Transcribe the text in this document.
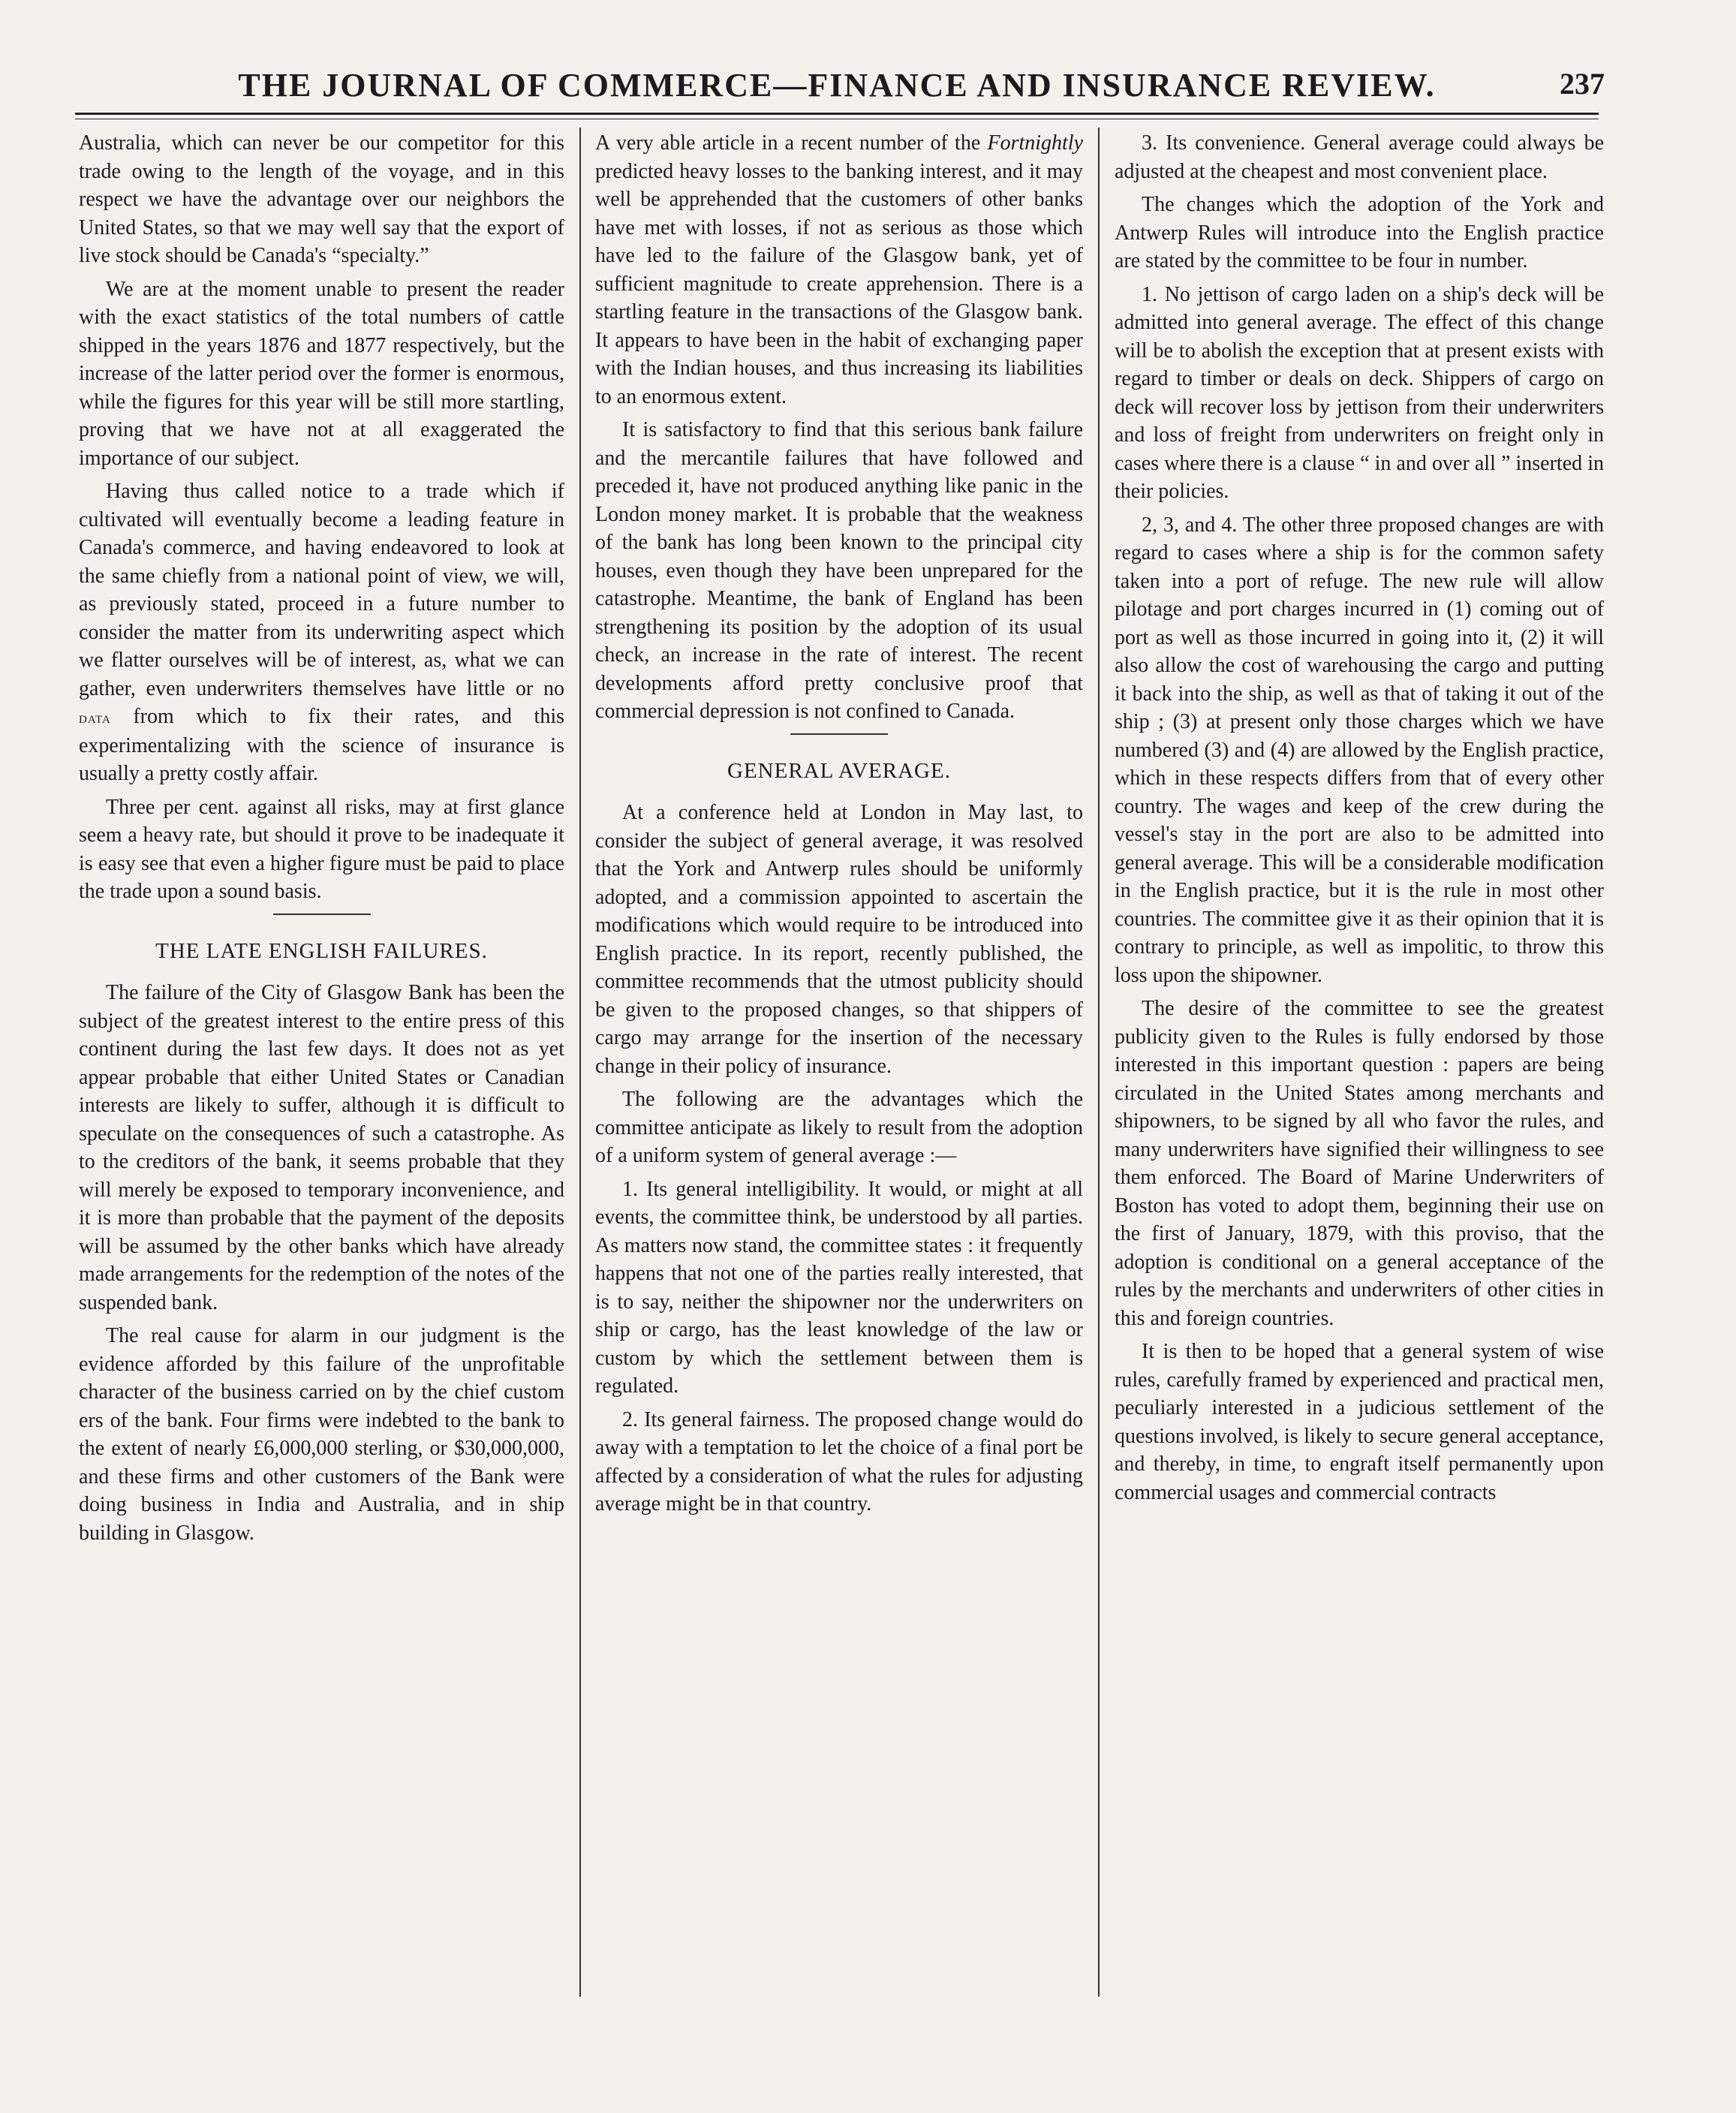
THE JOURNAL OF COMMERCE—FINANCE AND INSURANCE REVIEW.	237

Australia, which can never be our competitor for this trade owing to the length of the voyage, and in this respect we have the advantage over our neighbors the United States, so that we may well say that the export of live stock should be Canada's “specialty.”

We are at the moment unable to present the reader with the exact statistics of the total numbers of cattle shipped in the years 1876 and 1877 respectively, but the increase of the latter period over the former is enormous, while the figures for this year will be still more startling, proving that we have not at all exaggerated the importance of our subject.

Having thus called notice to a trade which if cultivated will eventually become a leading feature in Canada's commerce, and having endeavored to look at the same chiefly from a national point of view, we will, as previously stated, proceed in a future number to consider the matter from its underwriting aspect which we flatter ourselves will be of interest, as, what we can gather, even underwriters themselves have little or no data from which to fix their rates, and this experimentalizing with the science of insurance is usually a pretty costly affair.

Three per cent. against all risks, may at first glance seem a heavy rate, but should it prove to be inadequate it is easy see that even a higher figure must be paid to place the trade upon a sound basis.

THE LATE ENGLISH FAILURES.

The failure of the City of Glasgow Bank has been the subject of the greatest interest to the entire press of this continent during the last few days. It does not as yet appear probable that either United States or Canadian interests are likely to suffer, although it is difficult to speculate on the consequences of such a catastrophe. As to the creditors of the bank, it seems probable that they will merely be exposed to temporary inconvenience, and it is more than probable that the payment of the deposits will be assumed by the other banks which have already made arrangements for the redemption of the notes of the suspended bank.

The real cause for alarm in our judgment is the evidence afforded by this failure of the unprofitable character of the business carried on by the chief custom ers of the bank. Four firms were indebted to the bank to the extent of nearly £6,000,000 sterling, or $30,000,000, and these firms and other customers of the Bank were doing business in India and Australia, and in ship building in Glasgow.

A very able article in a recent number of the Fortnightly predicted heavy losses to the banking interest, and it may well be apprehended that the customers of other banks have met with losses, if not as serious as those which have led to the failure of the Glasgow bank, yet of sufficient magnitude to create apprehension. There is a startling feature in the transactions of the Glasgow bank. It appears to have been in the habit of exchanging paper with the Indian houses, and thus increasing its liabilities to an enormous extent.

It is satisfactory to find that this serious bank failure and the mercantile failures that have followed and preceded it, have not produced anything like panic in the London money market. It is probable that the weakness of the bank has long been known to the principal city houses, even though they have been unprepared for the catastrophe. Meantime, the bank of England has been strengthening its position by the adoption of its usual check, an increase in the rate of interest. The recent developments afford pretty conclusive proof that commercial depression is not confined to Canada.

GENERAL AVERAGE.

At a conference held at London in May last, to consider the subject of general average, it was resolved that the York and Antwerp rules should be uniformly adopted, and a commission appointed to ascertain the modifications which would require to be introduced into English practice. In its report, recently published, the committee recommends that the utmost publicity should be given to the proposed changes, so that shippers of cargo may arrange for the insertion of the necessary change in their policy of insurance.

The following are the advantages which the committee anticipate as likely to result from the adoption of a uniform system of general average :—

1. Its general intelligibility. It would, or might at all events, the committee think, be understood by all parties. As matters now stand, the committee states : it frequently happens that not one of the parties really interested, that is to say, neither the shipowner nor the underwriters on ship or cargo, has the least knowledge of the law or custom by which the settlement between them is regulated.

2. Its general fairness. The proposed change would do away with a temptation to let the choice of a final port be affected by a consideration of what the rules for adjusting average might be in that country.

3. Its convenience. General average could always be adjusted at the cheapest and most convenient place.

The changes which the adoption of the York and Antwerp Rules will introduce into the English practice are stated by the committee to be four in number.

1. No jettison of cargo laden on a ship's deck will be admitted into general average. The effect of this change will be to abolish the exception that at present exists with regard to timber or deals on deck. Shippers of cargo on deck will recover loss by jettison from their underwriters and loss of freight from underwriters on freight only in cases where there is a clause “ in and over all ” inserted in their policies.

2, 3, and 4. The other three proposed changes are with regard to cases where a ship is for the common safety taken into a port of refuge. The new rule will allow pilotage and port charges incurred in (1) coming out of port as well as those incurred in going into it, (2) it will also allow the cost of warehousing the cargo and putting it back into the ship, as well as that of taking it out of the ship ; (3) at present only those charges which we have numbered (3) and (4) are allowed by the English practice, which in these respects differs from that of every other country. The wages and keep of the crew during the vessel's stay in the port are also to be admitted into general average. This will be a considerable modification in the English practice, but it is the rule in most other countries. The committee give it as their opinion that it is contrary to principle, as well as impolitic, to throw this loss upon the shipowner.

The desire of the committee to see the greatest publicity given to the Rules is fully endorsed by those interested in this important question : papers are being circulated in the United States among merchants and shipowners, to be signed by all who favor the rules, and many underwriters have signified their willingness to see them enforced. The Board of Marine Underwriters of Boston has voted to adopt them, beginning their use on the first of January, 1879, with this proviso, that the adoption is conditional on a general acceptance of the rules by the merchants and underwriters of other cities in this and foreign countries.

It is then to be hoped that a general system of wise rules, carefully framed by experienced and practical men, peculiarly interested in a judicious settlement of the questions involved, is likely to secure general acceptance, and thereby, in time, to engraft itself permanently upon commercial usages and commercial contracts
